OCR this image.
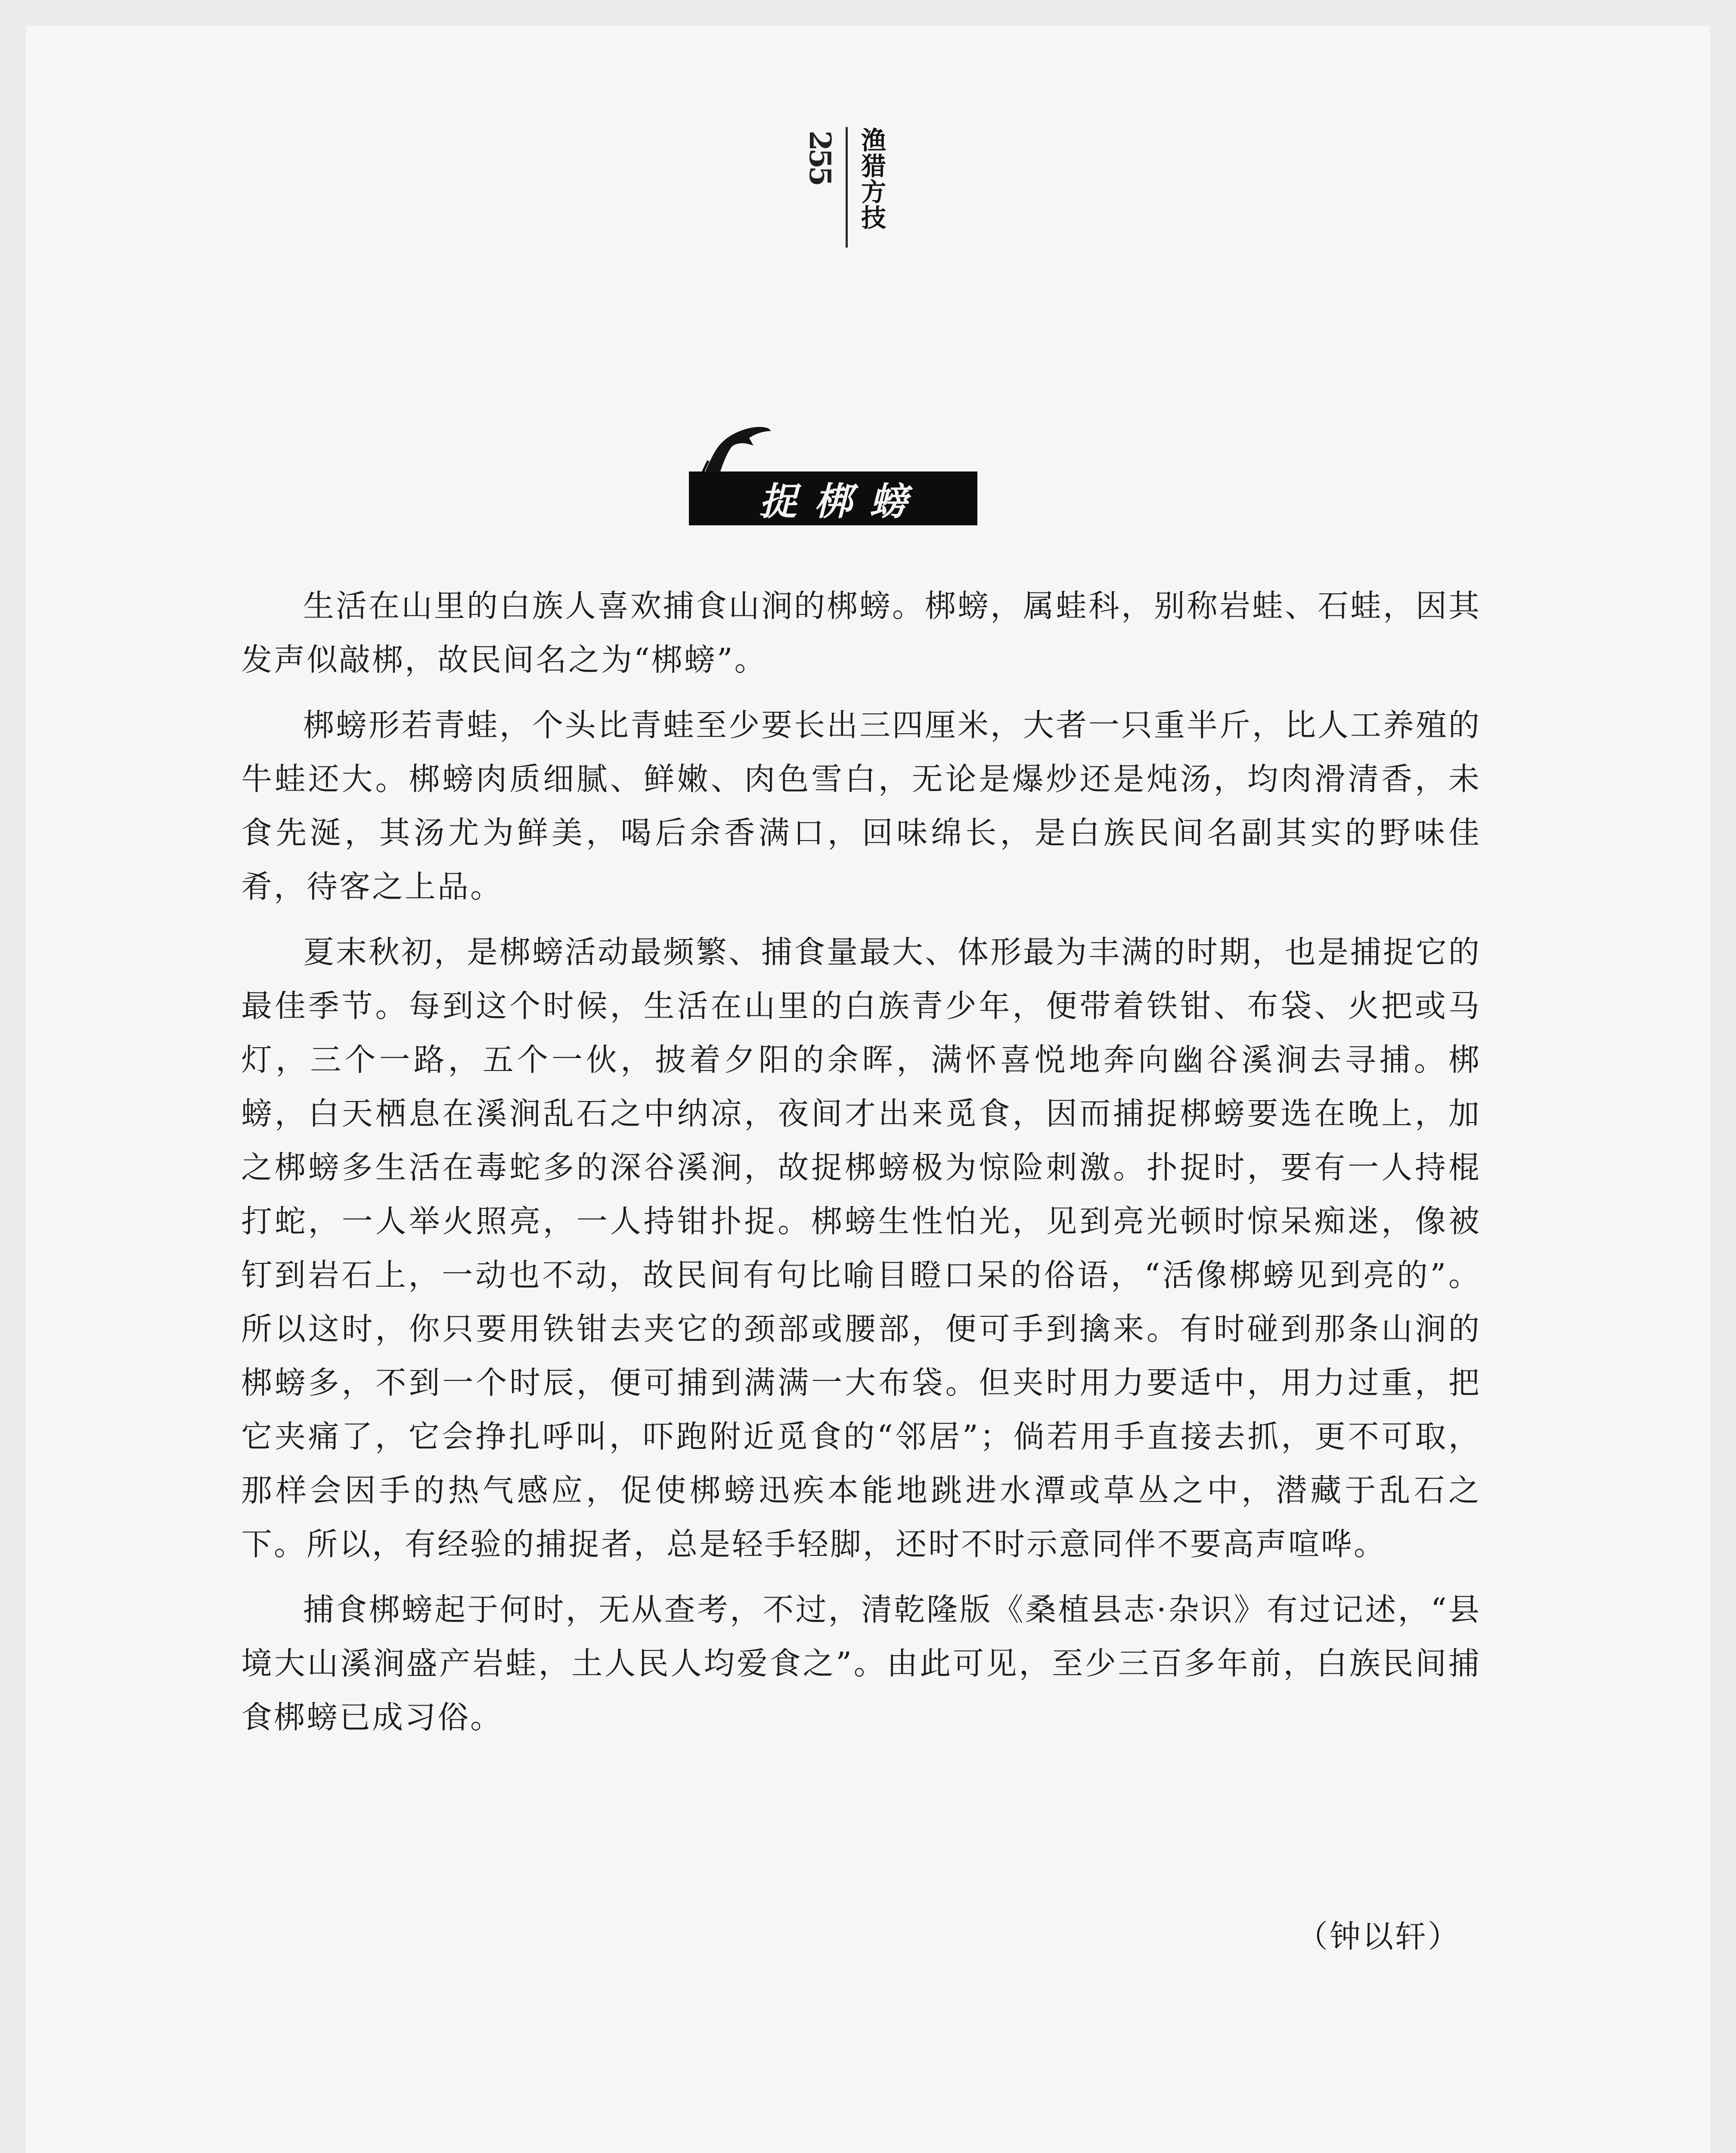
255 渔猎方技
捉梆螃

生活在山里的白族人喜欢捕食山涧的梆螃。梆螃，属蛙科，别称岩蛙、石蛙，因其发声似敲梆，故民间名之为“梆螃”。

梆螃形若青蛙，个头比青蛙至少要长出三四厘米，大者一只重半斤，比人工养殖的牛蛙还大。梆螃肉质细腻、鲜嫩、肉色雪白，无论是爆炒还是炖汤，均肉滑清香，未食先涎，其汤尤为鲜美，喝后余香满口，回味绵长，是白族民间名副其实的野味佳肴，待客之上品。

夏末秋初，是梆螃活动最频繁、捕食量最大、体形最为丰满的时期，也是捕捉它的最佳季节。每到这个时候，生活在山里的白族青少年，便带着铁钳、布袋、火把或马灯，三个一路，五个一伙，披着夕阳的余晖，满怀喜悦地奔向幽谷溪涧去寻捕。梆螃，白天栖息在溪涧乱石之中纳凉，夜间才出来觅食，因而捕捉梆螃要选在晚上，加之梆螃多生活在毒蛇多的深谷溪涧，故捉梆螃极为惊险刺激。扑捉时，要有一人持棍打蛇，一人举火照亮，一人持钳扑捉。梆螃生性怕光，见到亮光顿时惊呆痴迷，像被钉到岩石上，一动也不动，故民间有句比喻目瞪口呆的俗语，“活像梆螃见到亮的”。所以这时，你只要用铁钳去夹它的颈部或腰部，便可手到擒来。有时碰到那条山涧的梆螃多，不到一个时辰，便可捕到满满一大布袋。但夹时用力要适中，用力过重，把它夹痛了，它会挣扎呼叫，吓跑附近觅食的“邻居”；倘若用手直接去抓，更不可取，那样会因手的热气感应，促使梆螃迅疾本能地跳进水潭或草丛之中，潜藏于乱石之下。所以，有经验的捕捉者，总是轻手轻脚，还时不时示意同伴不要高声喧哗。

捕食梆螃起于何时，无从查考，不过，清乾隆版《桑植县志·杂识》有过记述，“县境大山溪涧盛产岩蛙，土人民人均爱食之”。由此可见，至少三百多年前，白族民间捕食梆螃已成习俗。

（钟以轩）
